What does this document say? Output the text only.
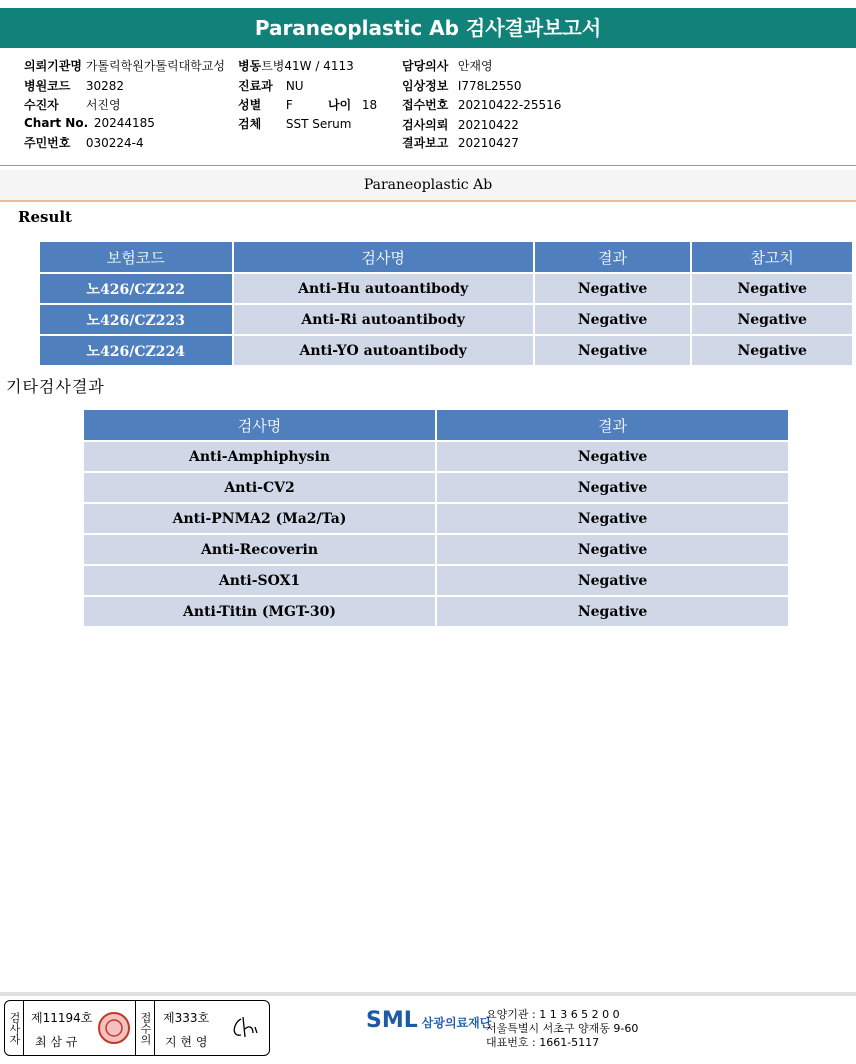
Paraneoplastic Ab 검사결과보고서
의뢰기관명 가톨릭학원가톨릭대학교성
병원코드 30282
수진자 서진영
Chart No. 20244185
주민번호 030224-4
병동트병41W / 4113
진료과 NU
성별 F	나이 18
검체 SST Serum
담당의사 안재영
임상정보 I778L2550
접수번호 20210422-25516
검사의뢰 20210422
결과보고 20210427
Paraneoplastic Ab
Result
보험코드	검사명	결과	참고치
노426/CZ222	Anti-Hu autoantibody	Negative	Negative
노426/CZ223	Anti-Ri autoantibody	Negative	Negative
노426/CZ224	Anti-YO autoantibody	Negative	Negative
기타검사결과
검사명	결과
Anti-Amphiphysin	Negative
Anti-CV2	Negative
Anti-PNMA2 (Ma2/Ta)	Negative
Anti-Recoverin	Negative
Anti-SOX1	Negative
Anti-Titin (MGT-30)	Negative
검사자 제11194호
최 삼 규	접수의 제333호
지 현 영
SML 삼광의료재단
요양기관 : 1 1 3 6 5 2 0 0
서울특별시 서초구 양재동 9-60
대표번호 : 1661-5117
